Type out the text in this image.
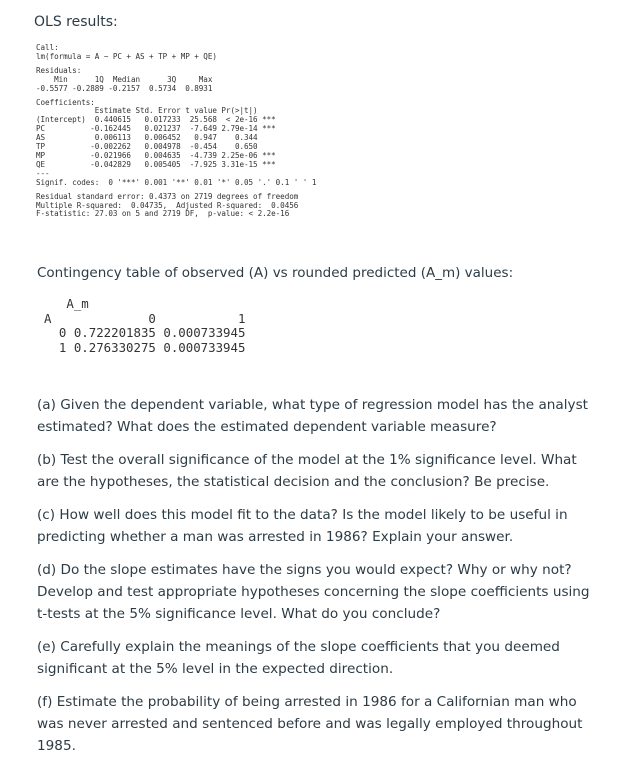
OLS results:
Call:
lm(formula = A ~ PC + AS + TP + MP + QE)
Residuals:
Min      1Q  Median      3Q     Max
-0.5577 -0.2889 -0.2157  0.5734  0.8931
Coefficients:
Estimate Std. Error t value Pr(>|t|)
(Intercept)  0.440615   0.017233  25.568  < 2e-16 ***
PC          -0.162445   0.021237  -7.649 2.79e-14 ***
AS           0.006113   0.006452   0.947    0.344
TP          -0.002262   0.004978  -0.454    0.650
MP          -0.021966   0.004635  -4.739 2.25e-06 ***
QE          -0.042829   0.005405  -7.925 3.31e-15 ***
---
Signif. codes:  0 '***' 0.001 '**' 0.01 '*' 0.05 '.' 0.1 ' ' 1
Residual standard error: 0.4373 on 2719 degrees of freedom
Multiple R-squared:  0.04735,  Adjusted R-squared:  0.0456
F-statistic: 27.03 on 5 and 2719 DF,  p-value: < 2.2e-16
Contingency table of observed (A) vs rounded predicted (A_m) values:
A_m
A             0           1
0 0.722201835 0.000733945
1 0.276330275 0.000733945

(a) Given the dependent variable, what type of regression model has the analyst estimated? What does the estimated dependent variable measure?

(b) Test the overall significance of the model at the 1% significance level. What are the hypotheses, the statistical decision and the conclusion? Be precise.

(c) How well does this model fit to the data? Is the model likely to be useful in predicting whether a man was arrested in 1986? Explain your answer.

(d) Do the slope estimates have the signs you would expect? Why or why not? Develop and test appropriate hypotheses concerning the slope coefficients using t-tests at the 5% significance level. What do you conclude?

(e) Carefully explain the meanings of the slope coefficients that you deemed significant at the 5% level in the expected direction.

(f) Estimate the probability of being arrested in 1986 for a Californian man who was never arrested and sentenced before and was legally employed throughout 1985.
